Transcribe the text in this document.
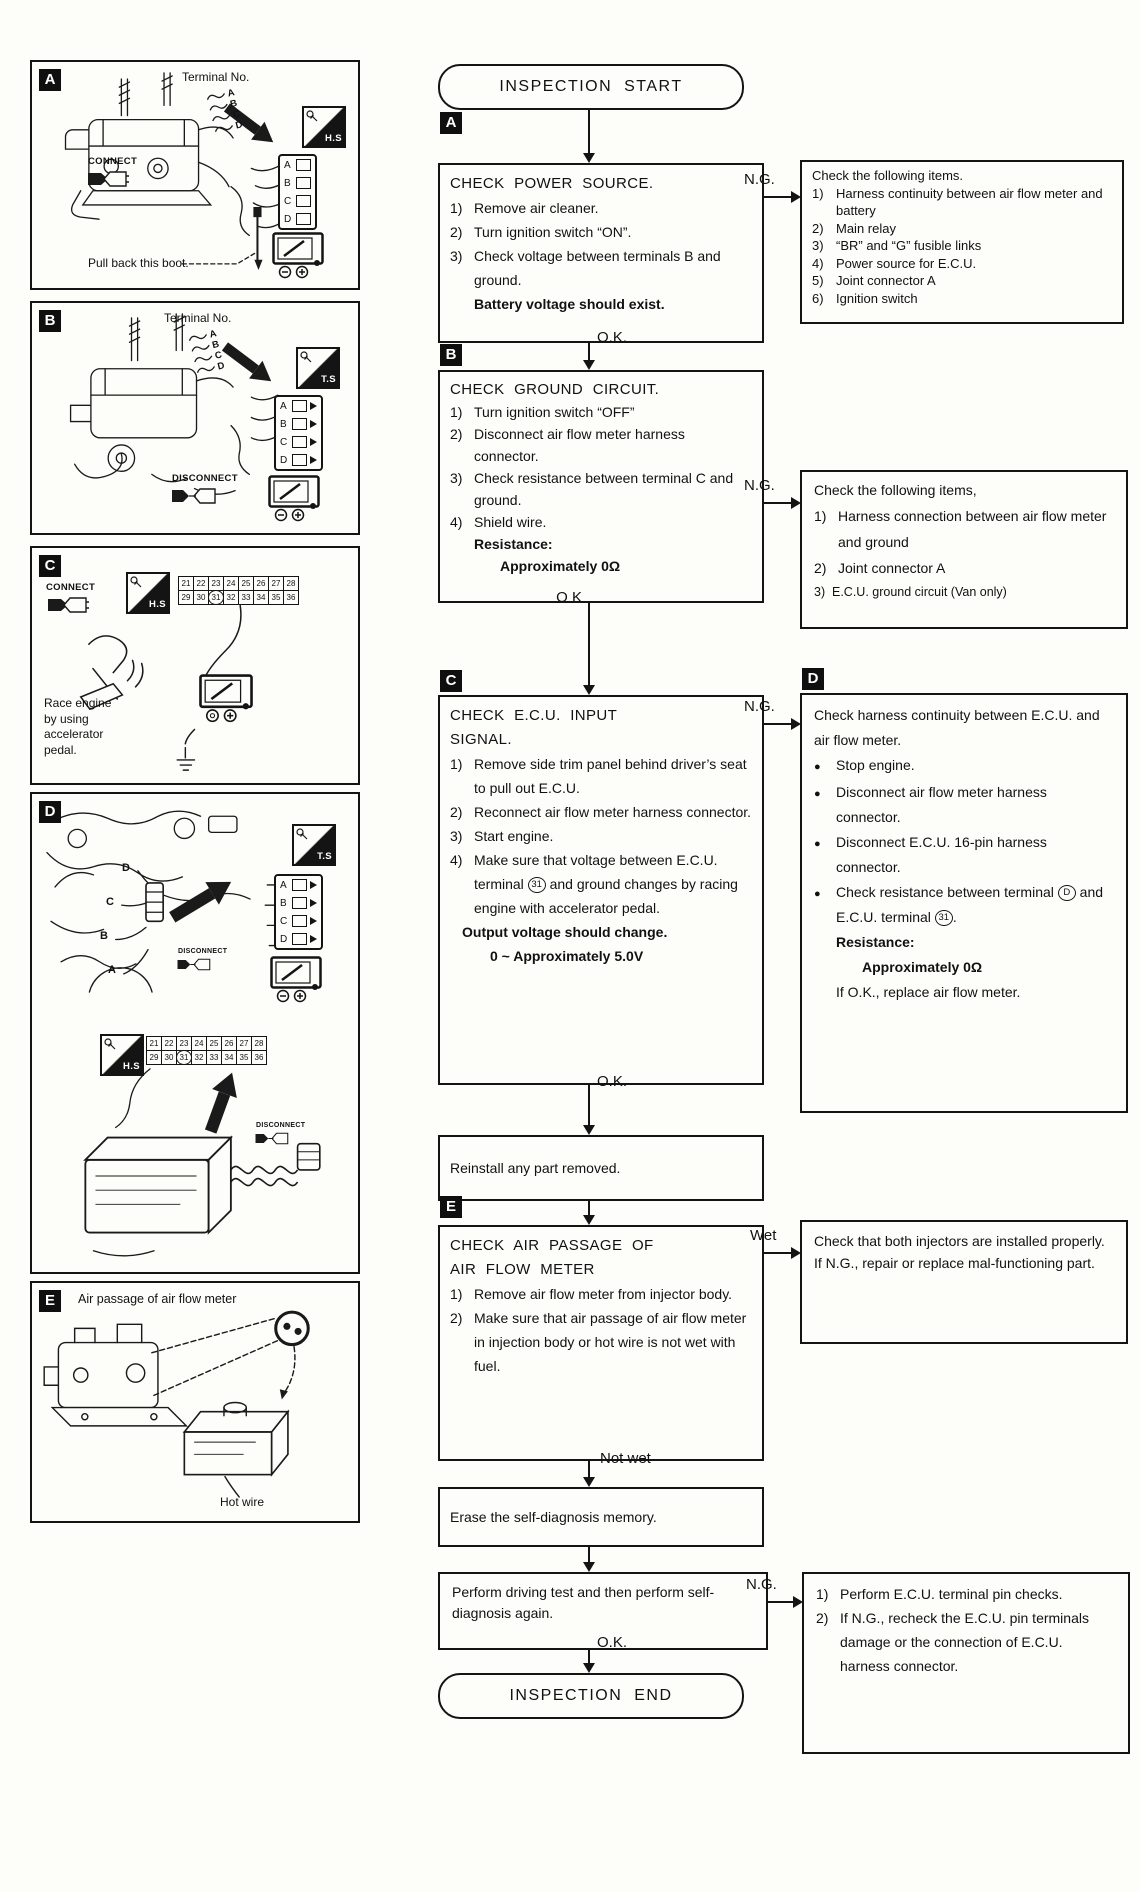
A	Terminal No.
A
B
C
D
H.S
A
B
C
D
CONNECT
Pull back this boot.
B	Terminal No.
A
B
C
D
T.S
A
B
C
D
DISCONNECT
C
CONNECT
H.S
21	22	23	24	25	26	27	28
29	30	31	32	33	34	35	36
Race engine
by using
accelerator
pedal.
D
D
C
B
A
DISCONNECT
T.S
A
B
C
D
H.S
21	22	23	24	25	26	27	28
29	30	31	32	33	34	35	36
DISCONNECT
E	Air passage of air flow meter
Hot wire
INSPECTION START
A
CHECK POWER SOURCE.
1) Remove air cleaner.
2) Turn ignition switch “ON”.
3) Check voltage between terminals B and ground.
Battery voltage should exist.
O.K.
B
CHECK GROUND CIRCUIT.
1) Turn ignition switch “OFF”
2) Disconnect air flow meter harness connector.
3) Check resistance between terminal C and ground.
4) Shield wire.
Resistance:
Approximately 0Ω
O K
C
CHECK E.C.U. INPUT
SIGNAL.
1) Remove side trim panel behind driver’s seat to pull out E.C.U.
2) Reconnect air flow meter harness connector.
3) Start engine.
4) Make sure that voltage between E.C.U. terminal 31 and ground changes by racing engine with accelerator pedal.
Output voltage should change.
0 ~ Approximately 5.0V
O.K.
Reinstall any part removed.
E
CHECK AIR PASSAGE OF
AIR FLOW METER
1) Remove air flow meter from injector body.
2) Make sure that air passage of air flow meter in injection body or hot wire is not wet with fuel.
Not wet
Erase the self-diagnosis memory.
Perform driving test and then perform self-diagnosis again.
O.K.
INSPECTION END
N.G.	Check the following items.
1) Harness continuity between air flow meter and battery
2) Main relay
3) “BR” and “G” fusible links
4) Power source for E.C.U.
5) Joint connector A
6) Ignition switch
N.G.	Check the following items,
1) Harness connection between air flow meter and ground
2) Joint connector A
3) E.C.U. ground circuit (Van only)
N.G.
D
Check harness continuity between E.C.U. and air flow meter.
●
Stop engine.
●
Disconnect air flow meter harness connector.
●
Disconnect E.C.U. 16-pin harness connector.
●
Check resistance between terminal D and E.C.U. terminal 31 .
Resistance:
Approximately 0Ω
If O.K., replace air flow meter.
Wet	Check that both injectors are installed properly.
If N.G., repair or replace mal-functioning part.
N.G.
1) Perform E.C.U. terminal pin checks.
2) If N.G., recheck the E.C.U. pin terminals damage or the connection of E.C.U. harness connector.
